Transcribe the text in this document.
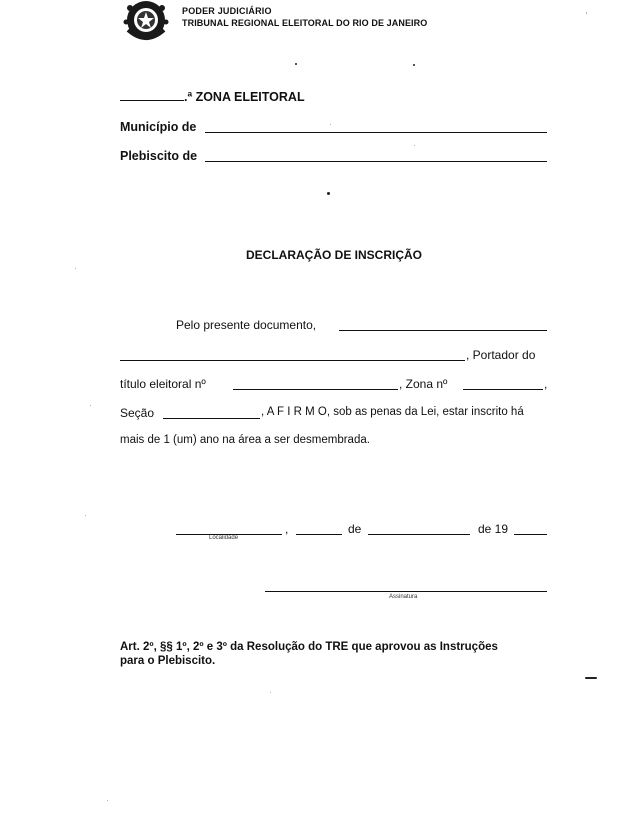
PODER JUDICIÁRIO
TRIBUNAL REGIONAL ELEITORAL DO RIO DE JANEIRO
.ª ZONA ELEITORAL
Município de
Plebiscito de
DECLARAÇÃO DE INSCRIÇÃO
Pelo presente documento,
, Portador do
título eleitoral nº	, Zona nº	,
Seção	, A F I R M O, sob as penas da Lei, estar inscrito há
mais de 1 (um) ano na área a ser desmembrada.
,	de	de 19
Localidade
Assinatura
Art. 2º, §§ 1º, 2º e 3º da Resolução do TRE que aprovou as Instruções
para o Plebiscito.
